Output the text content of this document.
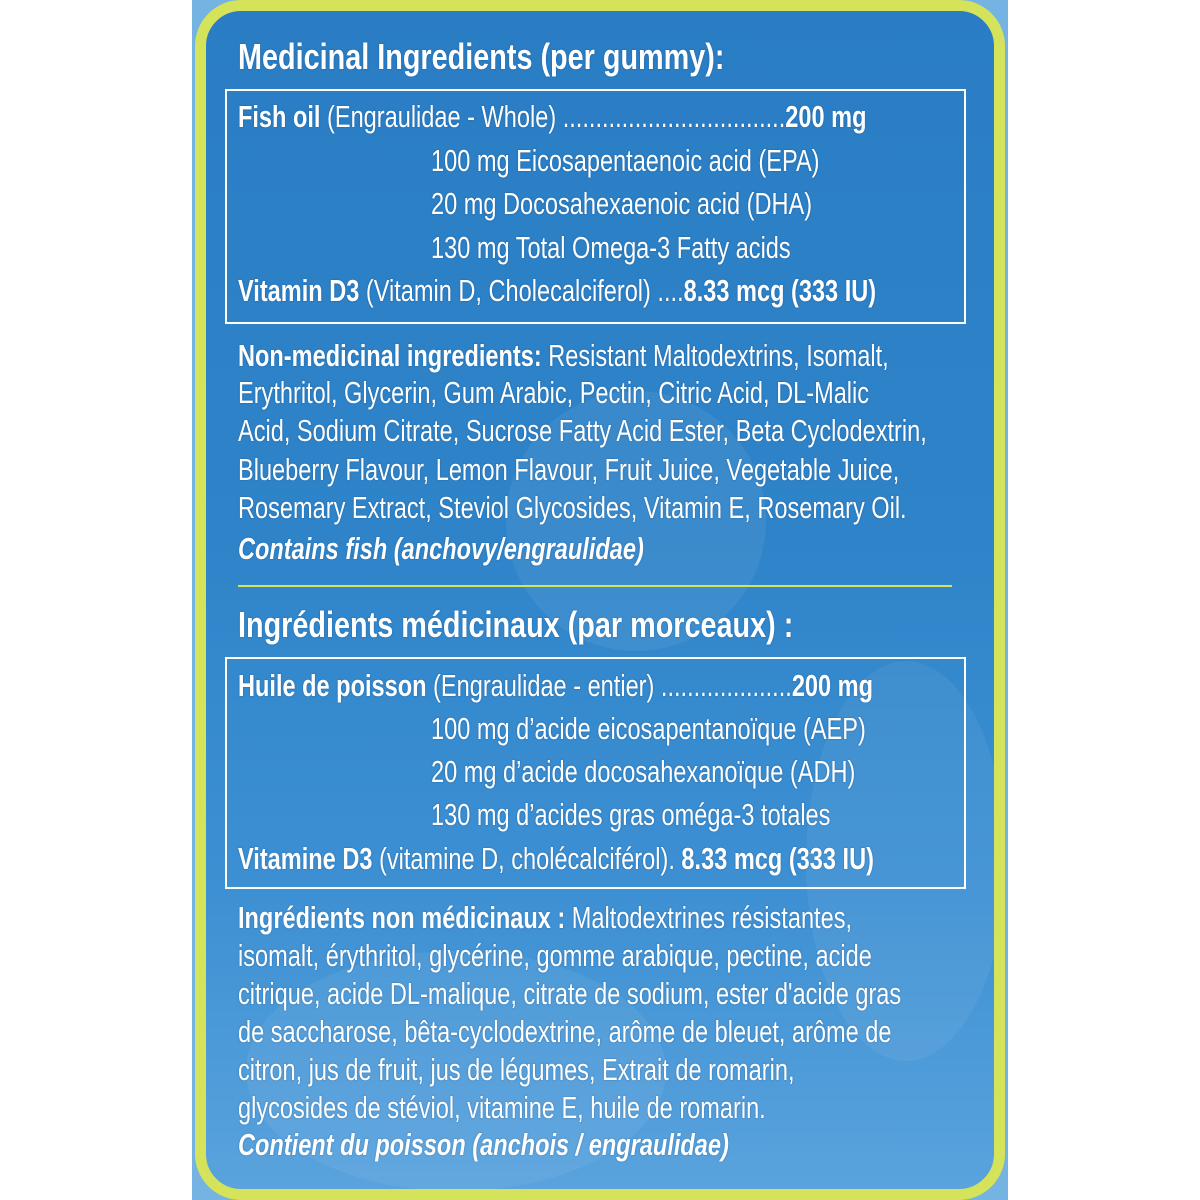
Medicinal Ingredients (per gummy):
Fish oil (Engraulidae - Whole) ..................................200 mg
100 mg Eicosapentaenoic acid (EPA)
20 mg Docosahexaenoic acid (DHA)
130 mg Total Omega-3 Fatty acids
Vitamin D3 (Vitamin D, Cholecalciferol) ....8.33 mcg (333 IU)
Non-medicinal ingredients: Resistant Maltodextrins, Isomalt,
Erythritol, Glycerin, Gum Arabic, Pectin, Citric Acid, DL-Malic
Acid, Sodium Citrate, Sucrose Fatty Acid Ester, Beta Cyclodextrin,
Blueberry Flavour, Lemon Flavour, Fruit Juice, Vegetable Juice,
Rosemary Extract, Steviol Glycosides, Vitamin E, Rosemary Oil.
Contains fish (anchovy/engraulidae)
Ingrédients médicinaux (par morceaux) :
Huile de poisson (Engraulidae - entier) ....................200 mg
100 mg d’acide eicosapentanoïque (AEP)
20 mg d’acide docosahexanoïque (ADH)
130 mg d’acides gras oméga-3 totales
Vitamine D3 (vitamine D, cholécalciférol). 8.33 mcg (333 IU)
Ingrédients non médicinaux : Maltodextrines résistantes,
isomalt, érythritol, glycérine, gomme arabique, pectine, acide
citrique, acide DL-malique, citrate de sodium, ester d'acide gras
de saccharose, bêta-cyclodextrine, arôme de bleuet, arôme de
citron, jus de fruit, jus de légumes, Extrait de romarin,
glycosides de stéviol, vitamine E, huile de romarin.
Contient du poisson (anchois / engraulidae)
